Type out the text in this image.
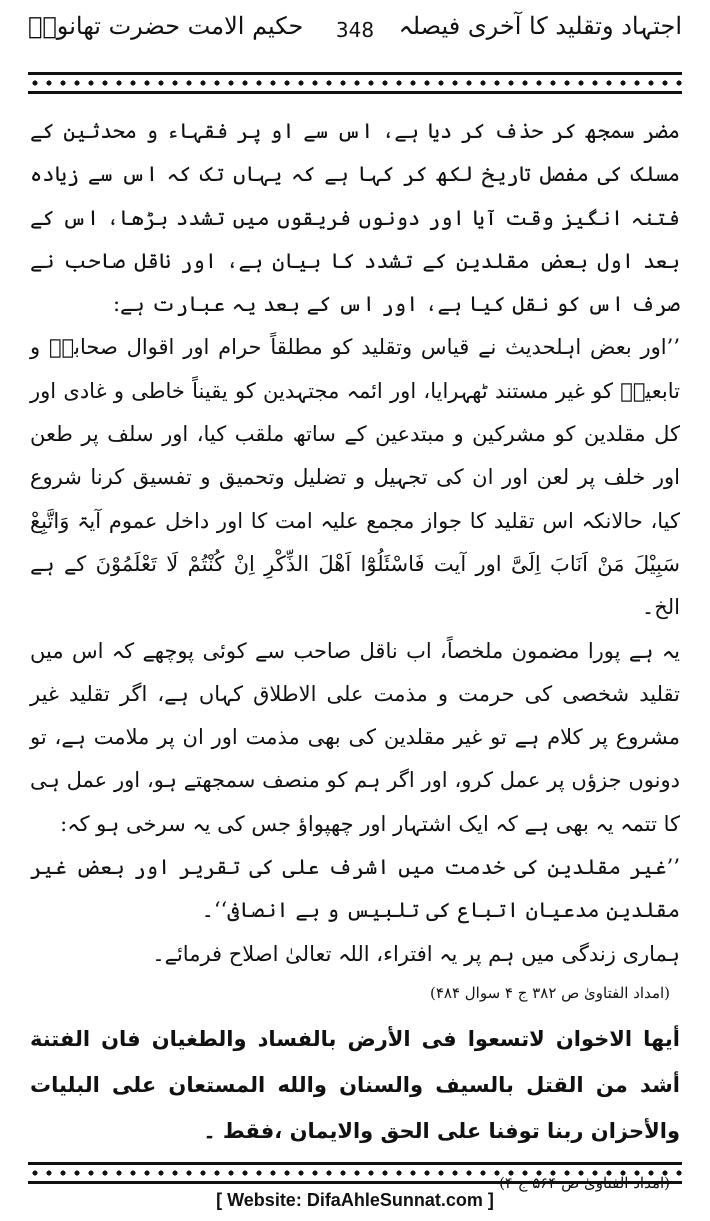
اجتہاد وتقلید کا آخری فیصلہ
348
حکیم الامت حضرت تھانویؒ

مضر سمجھ کر حذف کر دیا ہے، اس سے او پر فقہاء و محدثین کے مسلک کی مفصل تاریخ لکھ کر کہا ہے کہ یہاں تک کہ اس سے زیادہ فتنہ انگیز وقت آیا اور دونوں فریقوں میں تشدد بڑھا، اس کے بعد اول بعض مقلدین کے تشدد کا بیان ہے، اور ناقل صاحب نے صرف اس کو نقل کیا ہے، اور اس کے بعد یہ عبارت ہے:

’’اور بعض اہلحدیث نے قیاس وتقلید کو مطلقاً حرام اور اقوال صحابہؓ و تابعینؒ کو غیر مستند ٹھہرایا، اور ائمہ مجتہدین کو یقیناً خاطی و غادی اور کل مقلدین کو مشرکین و مبتدعین کے ساتھ ملقب کیا، اور سلف پر طعن اور خلف پر لعن اور ان کی تجہیل و تضلیل وتحمیق و تفسیق کرنا شروع کیا، حالانکہ اس تقلید کا جواز مجمع علیہ امت کا اور داخل عموم آیۃ وَاتَّبِعْ سَبِیْلَ مَنْ اَنَابَ اِلَیَّ اور آیت فَاسْئَلُوْٓا اَھْلَ الذِّکْرِ اِنْ کُنْتُمْ لَا تَعْلَمُوْنَ کے ہے الخ۔

یہ ہے پورا مضمون ملخصاً، اب ناقل صاحب سے کوئی پوچھے کہ اس میں تقلید شخصی کی حرمت و مذمت علی الاطلاق کہاں ہے، اگر تقلید غیر مشروع پر کلام ہے تو غیر مقلدین کی بھی مذمت اور ان پر ملامت ہے، تو دونوں جزؤں پر عمل کرو، اور اگر ہم کو منصف سمجھتے ہو، اور عمل ہی کا تتمہ یہ بھی ہے کہ ایک اشتہار اور چھپواؤ جس کی یہ سرخی ہو کہ:

’’غیر مقلدین کی خدمت میں اشرف علی کی تقریر اور بعض غیر مقلدین مدعیان اتباع کی تلبیس و بے انصافی‘‘۔

ہماری زندگی میں ہم پر یہ افتراء، اللہ تعالیٰ اصلاح فرمائے۔

(امداد الفتاویٰ ص ۳۸۲ ج ۴ سوال ۴۸۴)

أیھا الاخوان لاتسعوا فی الأرض بالفساد والطغیان فان الفتنة أشد من القتل بالسیف والسنان والله المستعان علی البلیات والأحزان ربنا توفنا علی الحق والایمان ،فقط ۔

[ Website: DifaAhleSunnat.com ]
